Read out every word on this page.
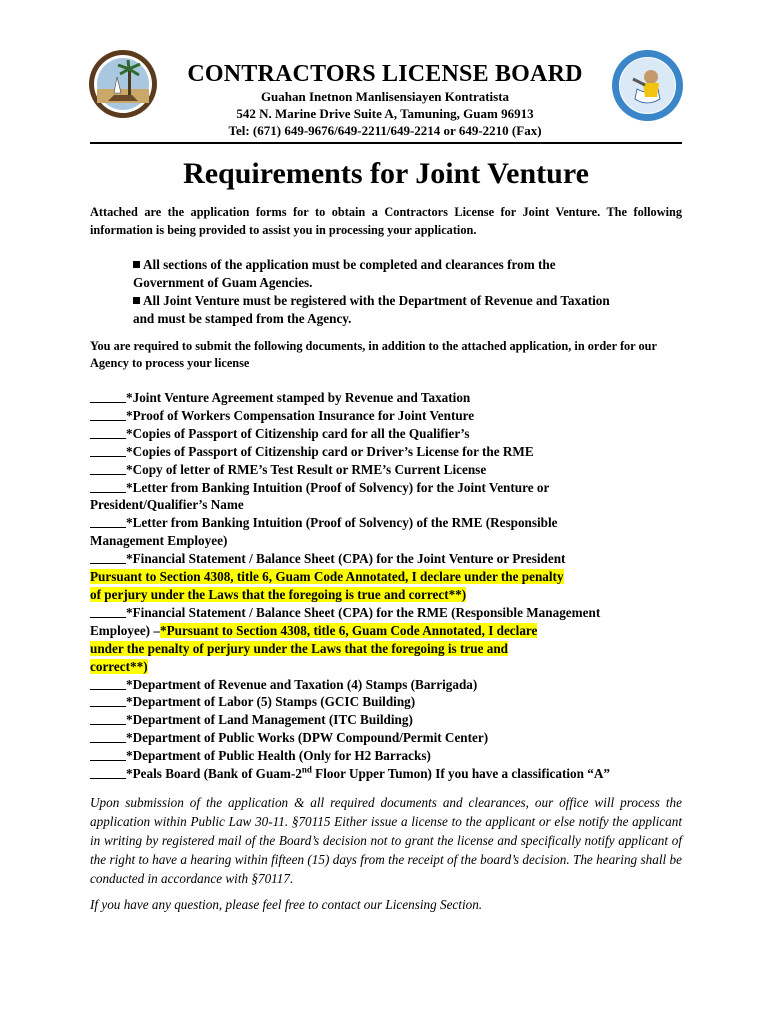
CONTRACTORS LICENSE BOARD
Guahan Inetnon Manlisensiayen Kontratista
542 N. Marine Drive Suite A, Tamuning, Guam 96913
Tel: (671) 649-9676/649-2211/649-2214 or 649-2210 (Fax)
Requirements for Joint Venture
Attached are the application forms for to obtain a Contractors License for Joint Venture. The following information is being provided to assist you in processing your application.
All sections of the application must be completed and clearances from the
Government of Guam Agencies.
All Joint Venture must be registered with the Department of Revenue and Taxation
and must be stamped from the Agency.
You are required to submit the following documents, in addition to the attached application, in order for our Agency to process your license
*Joint Venture Agreement stamped by Revenue and Taxation
*Proof of Workers Compensation Insurance for Joint Venture
*Copies of Passport of Citizenship card for all the Qualifier’s
*Copies of Passport of Citizenship card or Driver’s License for the RME
*Copy of letter of RME’s Test Result or RME’s Current License
*Letter from Banking Intuition (Proof of Solvency) for the Joint Venture or
President/Qualifier’s Name
*Letter from Banking Intuition (Proof of Solvency) of the RME (Responsible
Management Employee)
*Financial Statement / Balance Sheet (CPA) for the Joint Venture or President
Pursuant to Section 4308, title 6, Guam Code Annotated, I declare under the penalty
of perjury under the Laws that the foregoing is true and correct**)
*Financial Statement / Balance Sheet (CPA) for the RME (Responsible Management
Employee) –*Pursuant to Section 4308, title 6, Guam Code Annotated, I declare
under the penalty of perjury under the Laws that the foregoing is true and
correct**)
*Department of Revenue and Taxation (4) Stamps (Barrigada)
*Department of Labor (5) Stamps (GCIC Building)
*Department of Land Management (ITC Building)
*Department of Public Works (DPW Compound/Permit Center)
*Department of Public Health (Only for H2 Barracks)
*Peals Board (Bank of Guam-2nd Floor Upper Tumon) If you have a classification “A”
Upon submission of the application & all required documents and clearances, our office will process the application within Public Law 30-11. §70115 Either issue a license to the applicant or else notify the applicant in writing by registered mail of the Board’s decision not to grant the license and specifically notify applicant of the right to have a hearing within fifteen (15) days from the receipt of the board’s decision. The hearing shall be conducted in accordance with §70117.
If you have any question, please feel free to contact our Licensing Section.
